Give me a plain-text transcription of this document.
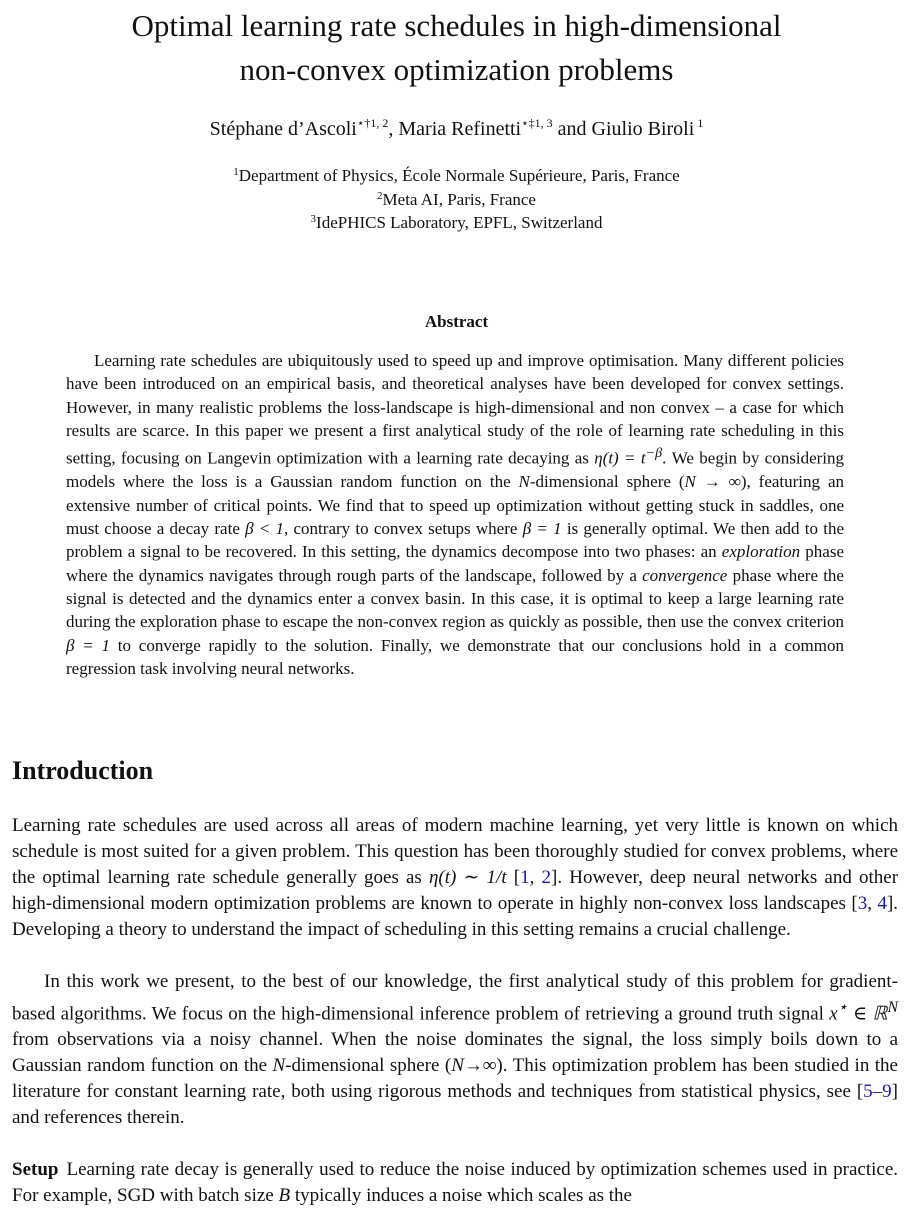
Optimal learning rate schedules in high-dimensional
non-convex optimization problems
Stéphane d’Ascoli$^{⋆\dagger 1, 2}$, Maria Refinetti$^{⋆\ddagger 1, 3}$ and Giulio Biroli $^1$
$^1$Department of Physics, École Normale Supérieure, Paris, France
$^2$Meta AI, Paris, France
$^3$IdePHICS Laboratory, EPFL, Switzerland
Abstract

Learning rate schedules are ubiquitously used to speed up and improve optimisation. Many different policies have been introduced on an empirical basis, and theoretical analyses have been developed for convex settings. However, in many realistic problems the loss-landscape is high-dimensional and non convex – a case for which results are scarce. In this paper we present a first analytical study of the role of learning rate scheduling in this setting, focusing on Langevin optimization with a learning rate decaying as $\eta(t) = t^{-\beta}$. We begin by considering models where the loss is a Gaussian random function on the N-dimensional sphere (N → ∞), featuring an extensive number of critical points. We find that to speed up optimization without getting stuck in saddles, one must choose a decay rate β < 1, contrary to convex setups where β = 1 is generally optimal. We then add to the problem a signal to be recovered. In this setting, the dynamics decompose into two phases: an exploration phase where the dynamics navigates through rough parts of the landscape, followed by a convergence phase where the signal is detected and the dynamics enter a convex basin. In this case, it is optimal to keep a large learning rate during the exploration phase to escape the non-convex region as quickly as possible, then use the convex criterion β = 1 to converge rapidly to the solution. Finally, we demonstrate that our conclusions hold in a common regression task involving neural networks.

Introduction

Learning rate schedules are used across all areas of modern machine learning, yet very little is known on which schedule is most suited for a given problem. This question has been thoroughly studied for convex problems, where the optimal learning rate schedule generally goes as η(t) ∼ 1/t [1, 2]. However, deep neural networks and other high-dimensional modern optimization problems are known to operate in highly non-convex loss landscapes [3, 4]. Developing a theory to understand the impact of scheduling in this setting remains a crucial challenge.

In this work we present, to the best of our knowledge, the first analytical study of this problem for gradient-based algorithms. We focus on the high-dimensional inference problem of retrieving a ground truth signal x⋆ ∈ ℝ$^N$ from observations via a noisy channel. When the noise dominates the signal, the loss simply boils down to a Gaussian random function on the N-dimensional sphere (N→∞). This optimization problem has been studied in the literature for constant learning rate, both using rigorous methods and techniques from statistical physics, see [5–9] and references therein.

Setup Learning rate decay is generally used to reduce the noise induced by optimization schemes used in practice. For example, SGD with batch size B typically induces a noise which scales as the
